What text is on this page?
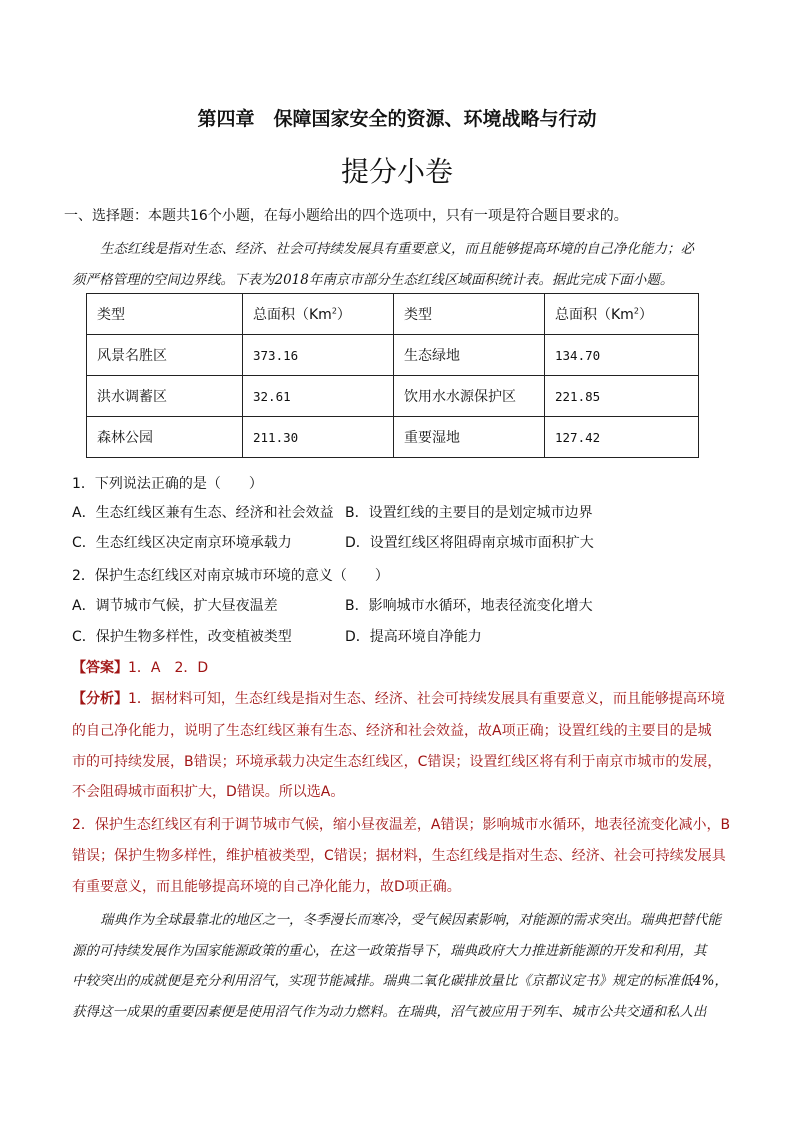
第四章　保障国家安全的资源、环境战略与行动
提分小卷
一、选择题：本题共16个小题，在每小题给出的四个选项中，只有一项是符合题目要求的。
生态红线是指对生态、经济、社会可持续发展具有重要意义，而且能够提高环境的自己净化能力；必
须严格管理的空间边界线。下表为2018年南京市部分生态红线区域面积统计表。据此完成下面小题。
类型	总面积（Km$^2$）	类型	总面积（Km$^2$）
风景名胜区	373.16	生态绿地	134.70
洪水调蓄区	32.61	饮用水水源保护区	221.85
森林公园	211.30	重要湿地	127.42
1．下列说法正确的是（　　）
A．生态红线区兼有生态、经济和社会效益 B．设置红线的主要目的是划定城市边界
C．生态红线区决定南京环境承载力	D．设置红线区将阻碍南京城市面积扩大
2．保护生态红线区对南京城市环境的意义（　　）
A．调节城市气候，扩大昼夜温差	B．影响城市水循环，地表径流变化增大
C．保护生物多样性，改变植被类型	D．提高环境自净能力
【答案】1．A　2．D
【分析】1．据材料可知，生态红线是指对生态、经济、社会可持续发展具有重要意义，而且能够提高环境
的自己净化能力，说明了生态红线区兼有生态、经济和社会效益，故A项正确；设置红线的主要目的是城
市的可持续发展，B错误；环境承载力决定生态红线区，C错误；设置红线区将有利于南京市城市的发展，
不会阻碍城市面积扩大，D错误。所以选A。
2．保护生态红线区有利于调节城市气候，缩小昼夜温差，A错误；影响城市水循环，地表径流变化减小，B
错误；保护生物多样性，维护植被类型，C错误；据材料，生态红线是指对生态、经济、社会可持续发展具
有重要意义，而且能够提高环境的自己净化能力，故D项正确。
瑞典作为全球最靠北的地区之一，冬季漫长而寒冷，受气候因素影响，对能源的需求突出。瑞典把替代能
源的可持续发展作为国家能源政策的重心，在这一政策指导下，瑞典政府大力推进新能源的开发和利用，其
中较突出的成就便是充分利用沼气，实现节能减排。瑞典二氧化碳排放量比《京都议定书》规定的标准低4%，
获得这一成果的重要因素便是使用沼气作为动力燃料。在瑞典，沼气被应用于列车、城市公共交通和私人出
